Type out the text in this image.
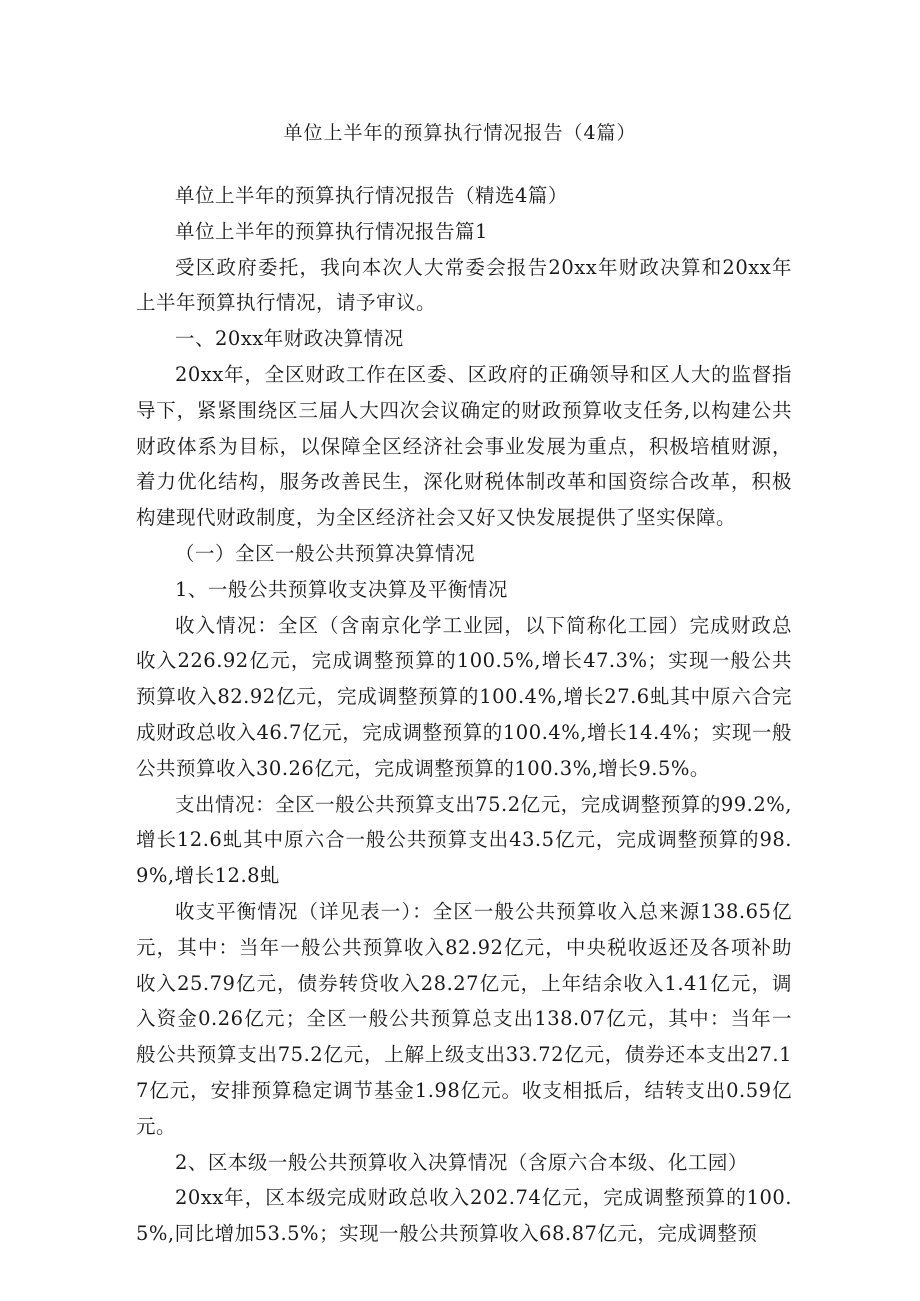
单位上半年的预算执行情况报告（4篇）

单位上半年的预算执行情况报告（精选4篇）

单位上半年的预算执行情况报告篇1

受区政府委托，我向本次人大常委会报告20xx年财政决算和20xx年上半年预算执行情况，请予审议。

一、20xx年财政决算情况

20xx年，全区财政工作在区委、区政府的正确领导和区人大的监督指导下，紧紧围绕区三届人大四次会议确定的财政预算收支任务,以构建公共财政体系为目标，以保障全区经济社会事业发展为重点，积极培植财源，着力优化结构，服务改善民生，深化财税体制改革和国资综合改革，积极构建现代财政制度，为全区经济社会又好又快发展提供了坚实保障。

（一）全区一般公共预算决算情况

1、一般公共预算收支决算及平衡情况

收入情况：全区（含南京化学工业园，以下简称化工园）完成财政总收入226.92亿元，完成调整预算的100.5%,增长47.3%；实现一般公共预算收入82.92亿元，完成调整预算的100.4%,增长27.6虬其中原六合完成财政总收入46.7亿元，完成调整预算的100.4%,增长14.4%；实现一般公共预算收入30.26亿元，完成调整预算的100.3%,增长9.5%。

支出情况：全区一般公共预算支出75.2亿元，完成调整预算的99.2%,增长12.6虬其中原六合一般公共预算支出43.5亿元，完成调整预算的98.9%,增长12.8虬

收支平衡情况（详见表一）：全区一般公共预算收入总来源138.65亿元，其中：当年一般公共预算收入82.92亿元，中央税收返还及各项补助收入25.79亿元，债券转贷收入28.27亿元，上年结余收入1.41亿元，调入资金0.26亿元；全区一般公共预算总支出138.07亿元，其中：当年一般公共预算支出75.2亿元，上解上级支出33.72亿元，债券还本支出27.17亿元，安排预算稳定调节基金1.98亿元。收支相抵后，结转支出0.59亿元。

2、区本级一般公共预算收入决算情况（含原六合本级、化工园）

20xx年，区本级完成财政总收入202.74亿元，完成调整预算的100.5%,同比增加53.5%；实现一般公共预算收入68.87亿元，完成调整预
